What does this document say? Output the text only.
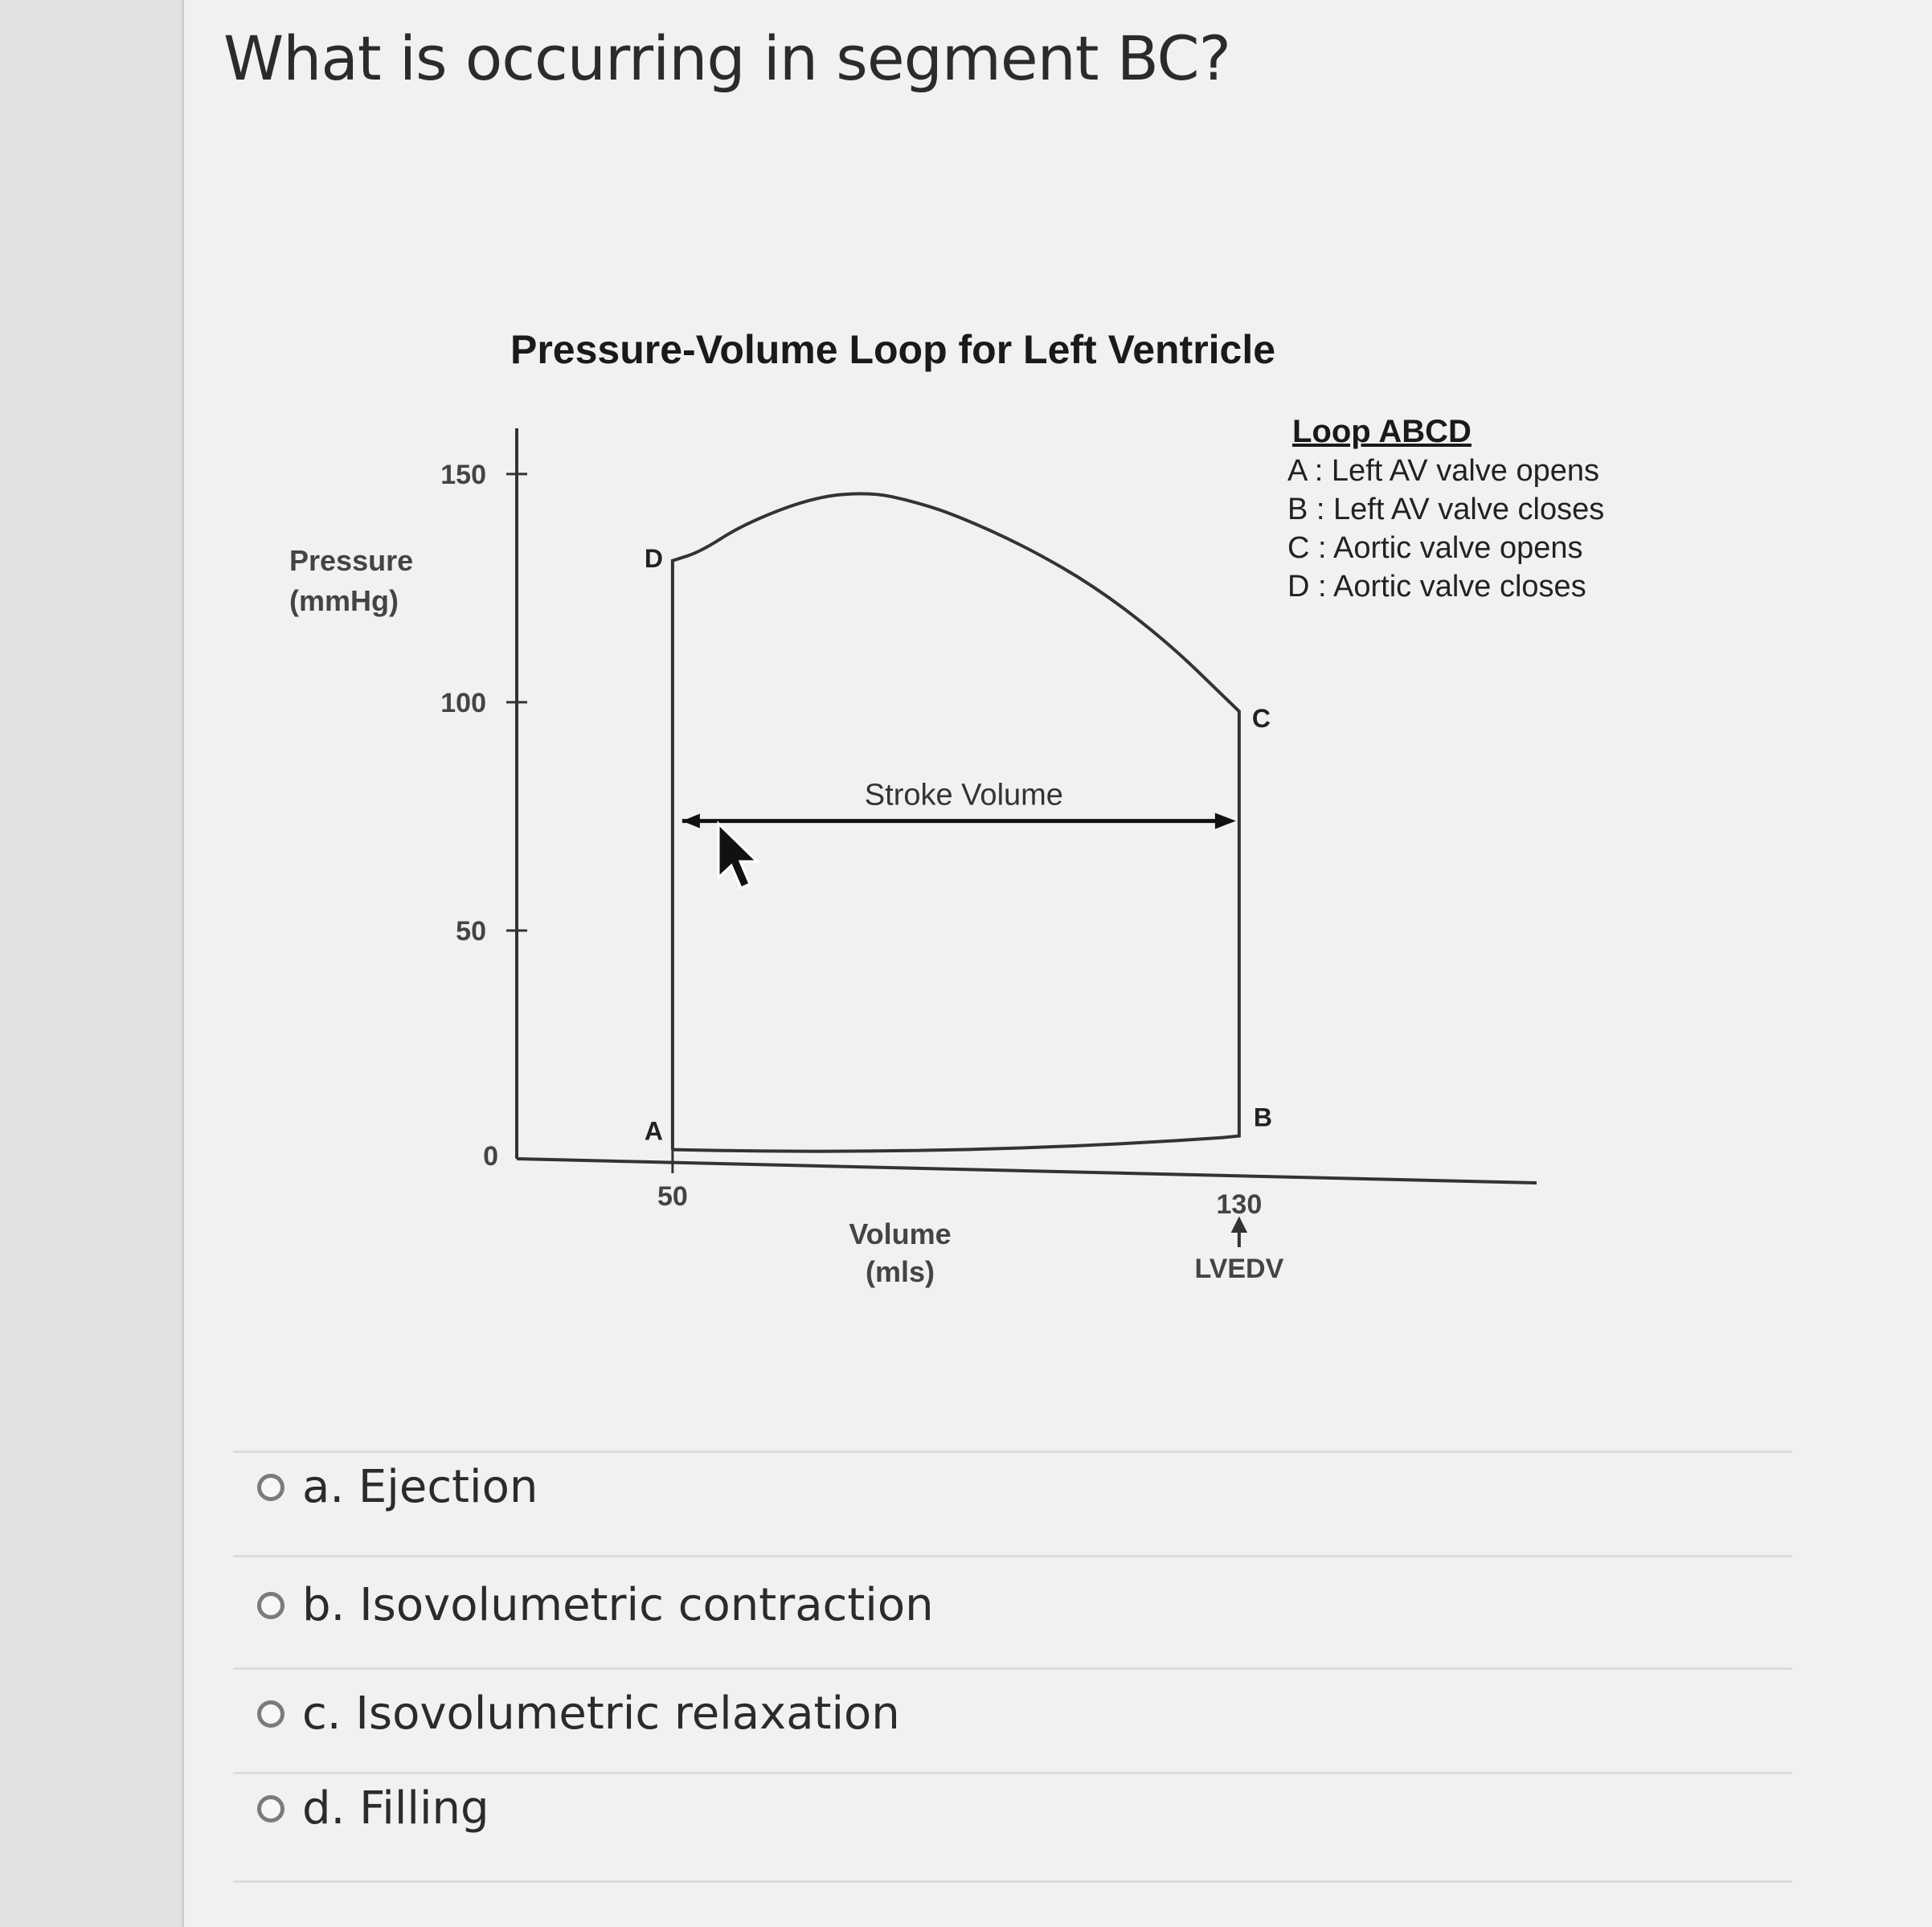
What is occurring in segment BC?
Pressure-Volume Loop for Left Ventricle
150
100
50
0
Pressure
(mmHg)
50	130
LVEDV
Volume
(mls)
A	B
C
D
Stroke Volume
Loop ABCD
A : Left AV valve opens
B : Left AV valve closes
C : Aortic valve opens
D : Aortic valve closes
a. Ejection
b. Isovolumetric contraction
c. Isovolumetric relaxation
d. Filling
